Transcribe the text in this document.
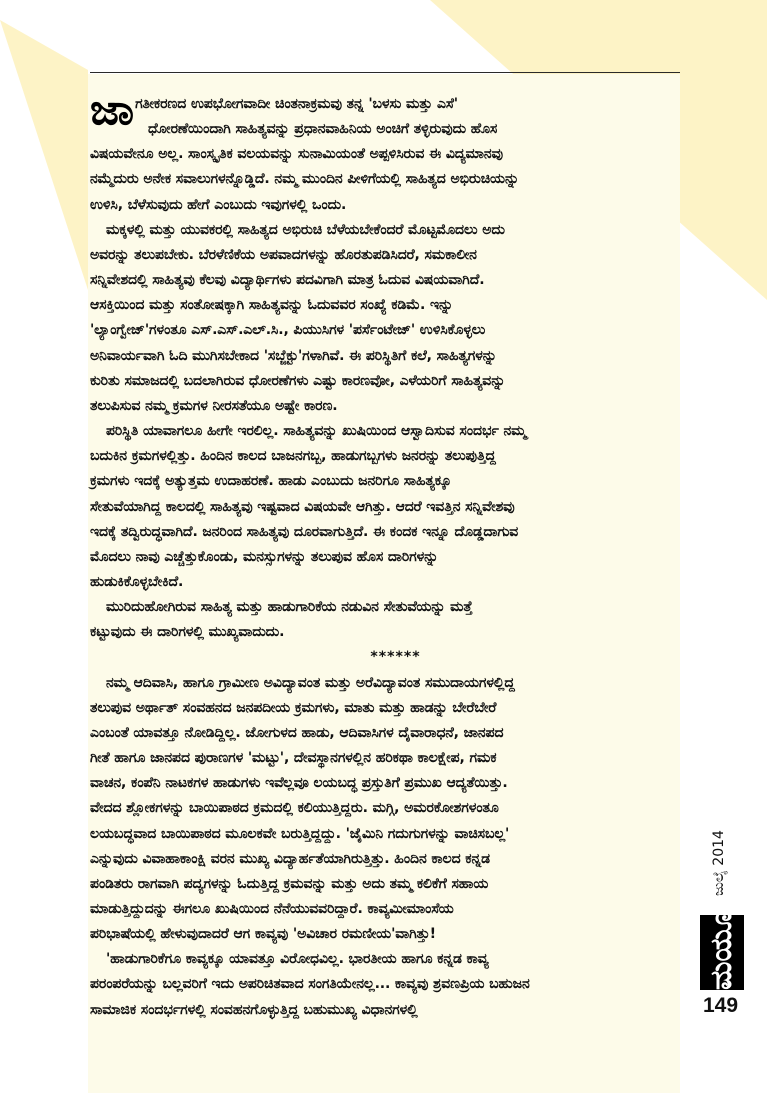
ಜಾಗತೀಕರಣದ ಉಪಭೋಗವಾದೀ ಚಿಂತನಾಕ್ರಮವು ತನ್ನ 'ಬಳಸು ಮತ್ತು ಎಸೆ'

ಧೋರಣೆಯಿಂದಾಗಿ ಸಾಹಿತ್ಯವನ್ನು ಪ್ರಧಾನವಾಹಿನಿಯ ಅಂಚಿಗೆ ತಳ್ಳಿರುವುದು ಹೊಸ

ವಿಷಯವೇನೂ ಅಲ್ಲ. ಸಾಂಸ್ಕೃತಿಕ ವಲಯವನ್ನು ಸುನಾಮಿಯಂತೆ ಅಪ್ಪಳಿಸಿರುವ ಈ ವಿದ್ಯಮಾನವು

ನಮ್ಮೆದುರು ಅನೇಕ ಸವಾಲುಗಳನ್ನೊಡ್ಡಿದೆ. ನಮ್ಮ ಮುಂದಿನ ಪೀಳಿಗೆಯಲ್ಲಿ ಸಾಹಿತ್ಯದ ಅಭಿರುಚಿಯನ್ನು

ಉಳಿಸಿ, ಬೆಳೆಸುವುದು ಹೇಗೆ ಎಂಬುದು ಇವುಗಳಲ್ಲಿ ಒಂದು.

ಮಕ್ಕಳಲ್ಲಿ ಮತ್ತು ಯುವಕರಲ್ಲಿ ಸಾಹಿತ್ಯದ ಅಭಿರುಚಿ ಬೆಳೆಯಬೇಕೆಂದರೆ ಮೊಟ್ಟಮೊದಲು ಅದು

ಅವರನ್ನು ತಲುಪಬೇಕು. ಬೆರಳೆಣಿಕೆಯ ಅಪವಾದಗಳನ್ನು ಹೊರತುಪಡಿಸಿದರೆ, ಸಮಕಾಲೀನ

ಸನ್ನಿವೇಶದಲ್ಲಿ ಸಾಹಿತ್ಯವು ಕೆಲವು ವಿದ್ಯಾರ್ಥಿಗಳು ಪದವಿಗಾಗಿ ಮಾತ್ರ ಓದುವ ವಿಷಯವಾಗಿದೆ.

ಆಸಕ್ತಿಯಿಂದ ಮತ್ತು ಸಂತೋಷಕ್ಕಾಗಿ ಸಾಹಿತ್ಯವನ್ನು ಓದುವವರ ಸಂಖ್ಯೆ ಕಡಿಮೆ. ಇನ್ನು

'ಲ್ಯಾಂಗ್ವೇಜ್'ಗಳಂತೂ ಎಸ್.ಎಸ್.ಎಲ್.ಸಿ., ಪಿಯುಸಿಗಳ 'ಪರ್ಸೆಂಟೇಜ್' ಉಳಿಸಿಕೊಳ್ಳಲು

ಅನಿವಾರ್ಯವಾಗಿ ಓದಿ ಮುಗಿಸಬೇಕಾದ 'ಸಬ್ಜೆಕ್ಟು'ಗಳಾಗಿವೆ. ಈ ಪರಿಸ್ಥಿತಿಗೆ ಕಲೆ, ಸಾಹಿತ್ಯಗಳನ್ನು

ಕುರಿತು ಸಮಾಜದಲ್ಲಿ ಬದಲಾಗಿರುವ ಧೋರಣೆಗಳು ಎಷ್ಟು ಕಾರಣವೋ, ಎಳೆಯರಿಗೆ ಸಾಹಿತ್ಯವನ್ನು

ತಲುಪಿಸುವ ನಮ್ಮ ಕ್ರಮಗಳ ನೀರಸತೆಯೂ ಅಷ್ಟೇ ಕಾರಣ.

ಪರಿಸ್ಥಿತಿ ಯಾವಾಗಲೂ ಹೀಗೇ ಇರಲಿಲ್ಲ. ಸಾಹಿತ್ಯವನ್ನು ಖುಷಿಯಿಂದ ಆಸ್ವಾದಿಸುವ ಸಂದರ್ಭ ನಮ್ಮ

ಬದುಕಿನ ಕ್ರಮಗಳಲ್ಲಿತ್ತು. ಹಿಂದಿನ ಕಾಲದ ಬಾಜನಗಬ್ಬ, ಹಾಡುಗಬ್ಬಗಳು ಜನರನ್ನು ತಲುಪುತ್ತಿದ್ದ

ಕ್ರಮಗಳು ಇದಕ್ಕೆ ಅತ್ಯುತ್ತಮ ಉದಾಹರಣೆ. ಹಾಡು ಎಂಬುದು ಜನರಿಗೂ ಸಾಹಿತ್ಯಕ್ಕೂ

ಸೇತುವೆಯಾಗಿದ್ದ ಕಾಲದಲ್ಲಿ ಸಾಹಿತ್ಯವು ಇಷ್ಟವಾದ ವಿಷಯವೇ ಆಗಿತ್ತು. ಆದರೆ ಇವತ್ತಿನ ಸನ್ನಿವೇಶವು

ಇದಕ್ಕೆ ತದ್ವಿರುದ್ಧವಾಗಿದೆ. ಜನರಿಂದ ಸಾಹಿತ್ಯವು ದೂರವಾಗುತ್ತಿದೆ. ಈ ಕಂದಕ ಇನ್ನೂ ದೊಡ್ಡದಾಗುವ

ಮೊದಲು ನಾವು ಎಚ್ಚೆತ್ತುಕೊಂಡು, ಮನಸ್ಸುಗಳನ್ನು ತಲುಪುವ ಹೊಸ ದಾರಿಗಳನ್ನು

ಹುಡುಕಿಕೊಳ್ಳಬೇಕಿದೆ.

ಮುರಿದುಹೋಗಿರುವ ಸಾಹಿತ್ಯ ಮತ್ತು ಹಾಡುಗಾರಿಕೆಯ ನಡುವಿನ ಸೇತುವೆಯನ್ನು ಮತ್ತೆ

ಕಟ್ಟುವುದು ಈ ದಾರಿಗಳಲ್ಲಿ ಮುಖ್ಯವಾದುದು.

******

ನಮ್ಮ ಆದಿವಾಸಿ, ಹಾಗೂ ಗ್ರಾಮೀಣ ಅವಿದ್ಯಾವಂತ ಮತ್ತು ಅರೆವಿದ್ಯಾವಂತ ಸಮುದಾಯಗಳಲ್ಲಿದ್ದ

ತಲುಪುವ ಅರ್ಥಾತ್ ಸಂವಹನದ ಜನಪದೀಯ ಕ್ರಮಗಳು, ಮಾತು ಮತ್ತು ಹಾಡನ್ನು ಬೇರೆಬೇರೆ

ಎಂಬಂತೆ ಯಾವತ್ತೂ ನೋಡಿದ್ದಿಲ್ಲ. ಜೋಗುಳದ ಹಾಡು, ಆದಿವಾಸಿಗಳ ದೈವಾರಾಧನೆ, ಜಾನಪದ

ಗೀತೆ ಹಾಗೂ ಜಾನಪದ ಪುರಾಣಗಳ 'ಮಟ್ಟು', ದೇವಸ್ಥಾನಗಳಲ್ಲಿನ ಹರಿಕಥಾ ಕಾಲಕ್ಷೇಪ, ಗಮಕ

ವಾಚನ, ಕಂಪೆನಿ ನಾಟಕಗಳ ಹಾಡುಗಳು ಇವೆಲ್ಲವೂ ಲಯಬದ್ಧ ಪ್ರಸ್ತುತಿಗೆ ಪ್ರಮುಖ ಆದ್ಯತೆಯಿತ್ತು.

ವೇದದ ಶ್ಲೋಕಗಳನ್ನು ಬಾಯಿಪಾಠದ ಕ್ರಮದಲ್ಲಿ ಕಲಿಯುತ್ತಿದ್ದರು. ಮಗ್ಗಿ, ಅಮರಕೋಶಗಳಂತೂ

ಲಯಬದ್ಧವಾದ ಬಾಯಿಪಾಠದ ಮೂಲಕವೇ ಬರುತ್ತಿದ್ದದ್ದು. 'ಜೈಮಿನಿ ಗದುಗುಗಳನ್ನು ವಾಚಿಸಬಲ್ಲ'

ಎನ್ನುವುದು ವಿವಾಹಾಕಾಂಕ್ಷಿ ವರನ ಮುಖ್ಯ ವಿದ್ಯಾರ್ಹತೆಯಾಗಿರುತ್ತಿತ್ತು. ಹಿಂದಿನ ಕಾಲದ ಕನ್ನಡ

ಪಂಡಿತರು ರಾಗವಾಗಿ ಪದ್ಯಗಳನ್ನು ಓದುತ್ತಿದ್ದ ಕ್ರಮವನ್ನು ಮತ್ತು ಅದು ತಮ್ಮ ಕಲಿಕೆಗೆ ಸಹಾಯ

ಮಾಡುತ್ತಿದ್ದುದನ್ನು ಈಗಲೂ ಖುಷಿಯಿಂದ ನೆನೆಯುವವರಿದ್ದಾರೆ. ಕಾವ್ಯಮೀಮಾಂಸೆಯ

ಪರಿಭಾಷೆಯಲ್ಲಿ ಹೇಳುವುದಾದರೆ ಆಗ ಕಾವ್ಯವು 'ಅವಿಚಾರ ರಮಣೀಯ'ವಾಗಿತ್ತು!

'ಹಾಡುಗಾರಿಕೆಗೂ ಕಾವ್ಯಕ್ಕೂ ಯಾವತ್ತೂ ವಿರೋಧವಿಲ್ಲ. ಭಾರತೀಯ ಹಾಗೂ ಕನ್ನಡ ಕಾವ್ಯ

ಪರಂಪರೆಯನ್ನು ಬಲ್ಲವರಿಗೆ ಇದು ಅಪರಿಚಿತವಾದ ಸಂಗತಿಯೇನಲ್ಲ... ಕಾವ್ಯವು ಶ್ರವಣಪ್ರಿಯ ಬಹುಜನ

ಸಾಮಾಜಿಕ ಸಂದರ್ಭಗಳಲ್ಲಿ ಸಂವಹನಗೊಳ್ಳುತ್ತಿದ್ದ ಬಹುಮುಖ್ಯ ವಿಧಾನಗಳಲ್ಲಿ

ಜುಲೈ 2014
ಮಯೂರ
149
